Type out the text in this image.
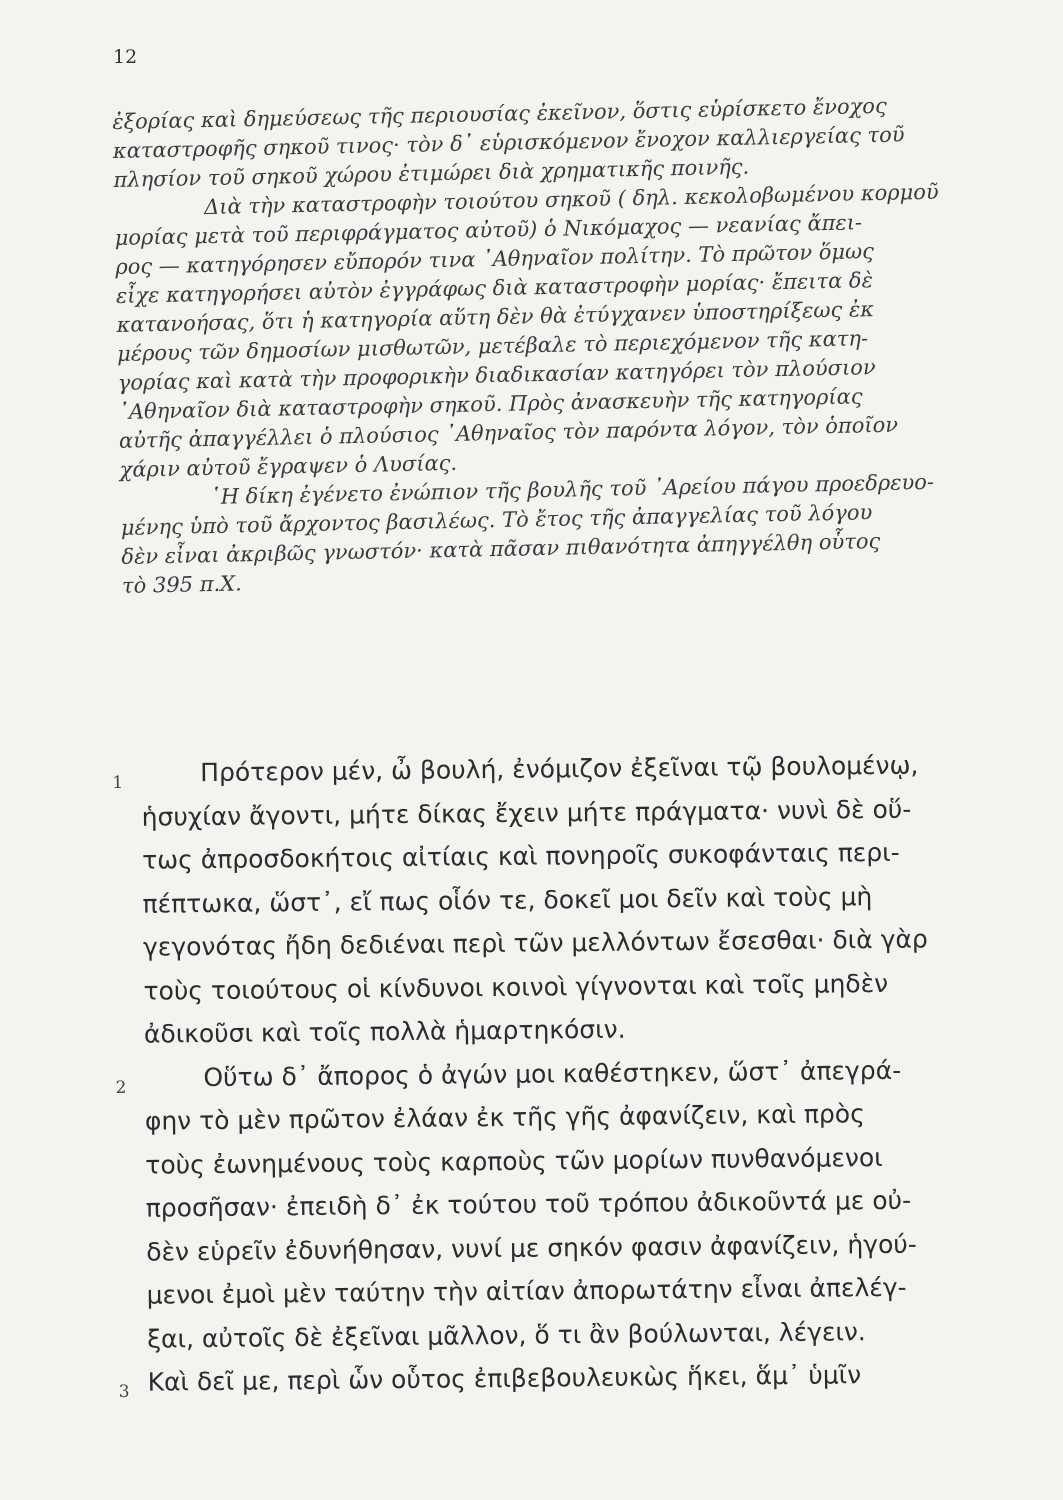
12

ἐξορίας καὶ δημεύσεως τῆς περιουσίας ἐκεῖνον, ὅστις εὑρίσκετο ἔνοχος
καταστροφῆς σηκοῦ τινος· τὸν δ᾿ εὑρισκόμενον ἔνοχον καλλιεργείας τοῦ
πλησίον τοῦ σηκοῦ χώρου ἐτιμώρει διὰ χρηματικῆς ποινῆς.

Διὰ τὴν καταστροφὴν τοιούτου σηκοῦ ( δηλ. κεκολοβωμένου κορμοῦ
μορίας μετὰ τοῦ περιφράγματος αὐτοῦ) ὁ Νικόμαχος — νεανίας ἄπει-
ρος — κατηγόρησεν εὔπορόν τινα ᾿Αθηναῖον πολίτην. Τὸ πρῶτον ὅμως
εἶχε κατηγορήσει αὐτὸν ἐγγράφως διὰ καταστροφὴν μορίας· ἔπειτα δὲ
κατανοήσας, ὅτι ἡ κατηγορία αὕτη δὲν θὰ ἐτύγχανεν ὑποστηρίξεως ἐκ
μέρους τῶν δημοσίων μισθωτῶν, μετέβαλε τὸ περιεχόμενον τῆς κατη-
γορίας καὶ κατὰ τὴν προφορικὴν διαδικασίαν κατηγόρει τὸν πλούσιον
᾿Αθηναῖον διὰ καταστροφὴν σηκοῦ. Πρὸς ἀνασκευὴν τῆς κατηγορίας
αὐτῆς ἀπαγγέλλει ὁ πλούσιος ᾿Αθηναῖος τὸν παρόντα λόγον, τὸν ὁποῖον
χάριν αὐτοῦ ἔγραψεν ὁ Λυσίας.

῾Η δίκη ἐγένετο ἐνώπιον τῆς βουλῆς τοῦ ᾿Αρείου πάγου προεδρευο-
μένης ὑπὸ τοῦ ἄρχοντος βασιλέως. Τὸ ἔτος τῆς ἀπαγγελίας τοῦ λόγου
δὲν εἶναι ἀκριβῶς γνωστόν· κατὰ πᾶσαν πιθανότητα ἀπηγγέλθη οὗτος
τὸ 395 π.Χ.

1	Πρότερον μέν, ὦ βουλή, ἐνόμιζον ἐξεῖναι τῷ βουλομένῳ,
ἡσυχίαν ἄγοντι, μήτε δίκας ἔχειν μήτε πράγματα· νυνὶ δὲ οὕ-
τως ἀπροσδοκήτοις αἰτίαις καὶ πονηροῖς συκοφάνταις περι-
πέπτωκα, ὥστ᾿, εἴ πως οἷόν τε, δοκεῖ μοι δεῖν καὶ τοὺς μὴ
γεγονότας ἤδη δεδιέναι περὶ τῶν μελλόντων ἔσεσθαι· διὰ γὰρ
τοὺς τοιούτους οἱ κίνδυνοι κοινοὶ γίγνονται καὶ τοῖς μηδὲν
ἀδικοῦσι καὶ τοῖς πολλὰ ἡμαρτηκόσιν.
2	Οὕτω δ᾿ ἄπορος ὁ ἀγών μοι καθέστηκεν, ὥστ᾿ ἀπεγρά-
φην τὸ μὲν πρῶτον ἐλάαν ἐκ τῆς γῆς ἀφανίζειν, καὶ πρὸς
τοὺς ἐωνημένους τοὺς καρποὺς τῶν μορίων πυνθανόμενοι
προσῆσαν· ἐπειδὴ δ᾿ ἐκ τούτου τοῦ τρόπου ἀδικοῦντά με οὐ-
δὲν εὑρεῖν ἐδυνήθησαν, νυνί με σηκόν φασιν ἀφανίζειν, ἡγού-
μενοι ἐμοὶ μὲν ταύτην τὴν αἰτίαν ἀπορωτάτην εἶναι ἀπελέγ-
ξαι, αὐτοῖς δὲ ἐξεῖναι μᾶλλον, ὅ τι ἂν βούλωνται, λέγειν.
3 Καὶ δεῖ με, περὶ ὧν οὗτος ἐπιβεβουλευκὼς ἥκει, ἅμ᾿ ὑμῖν
